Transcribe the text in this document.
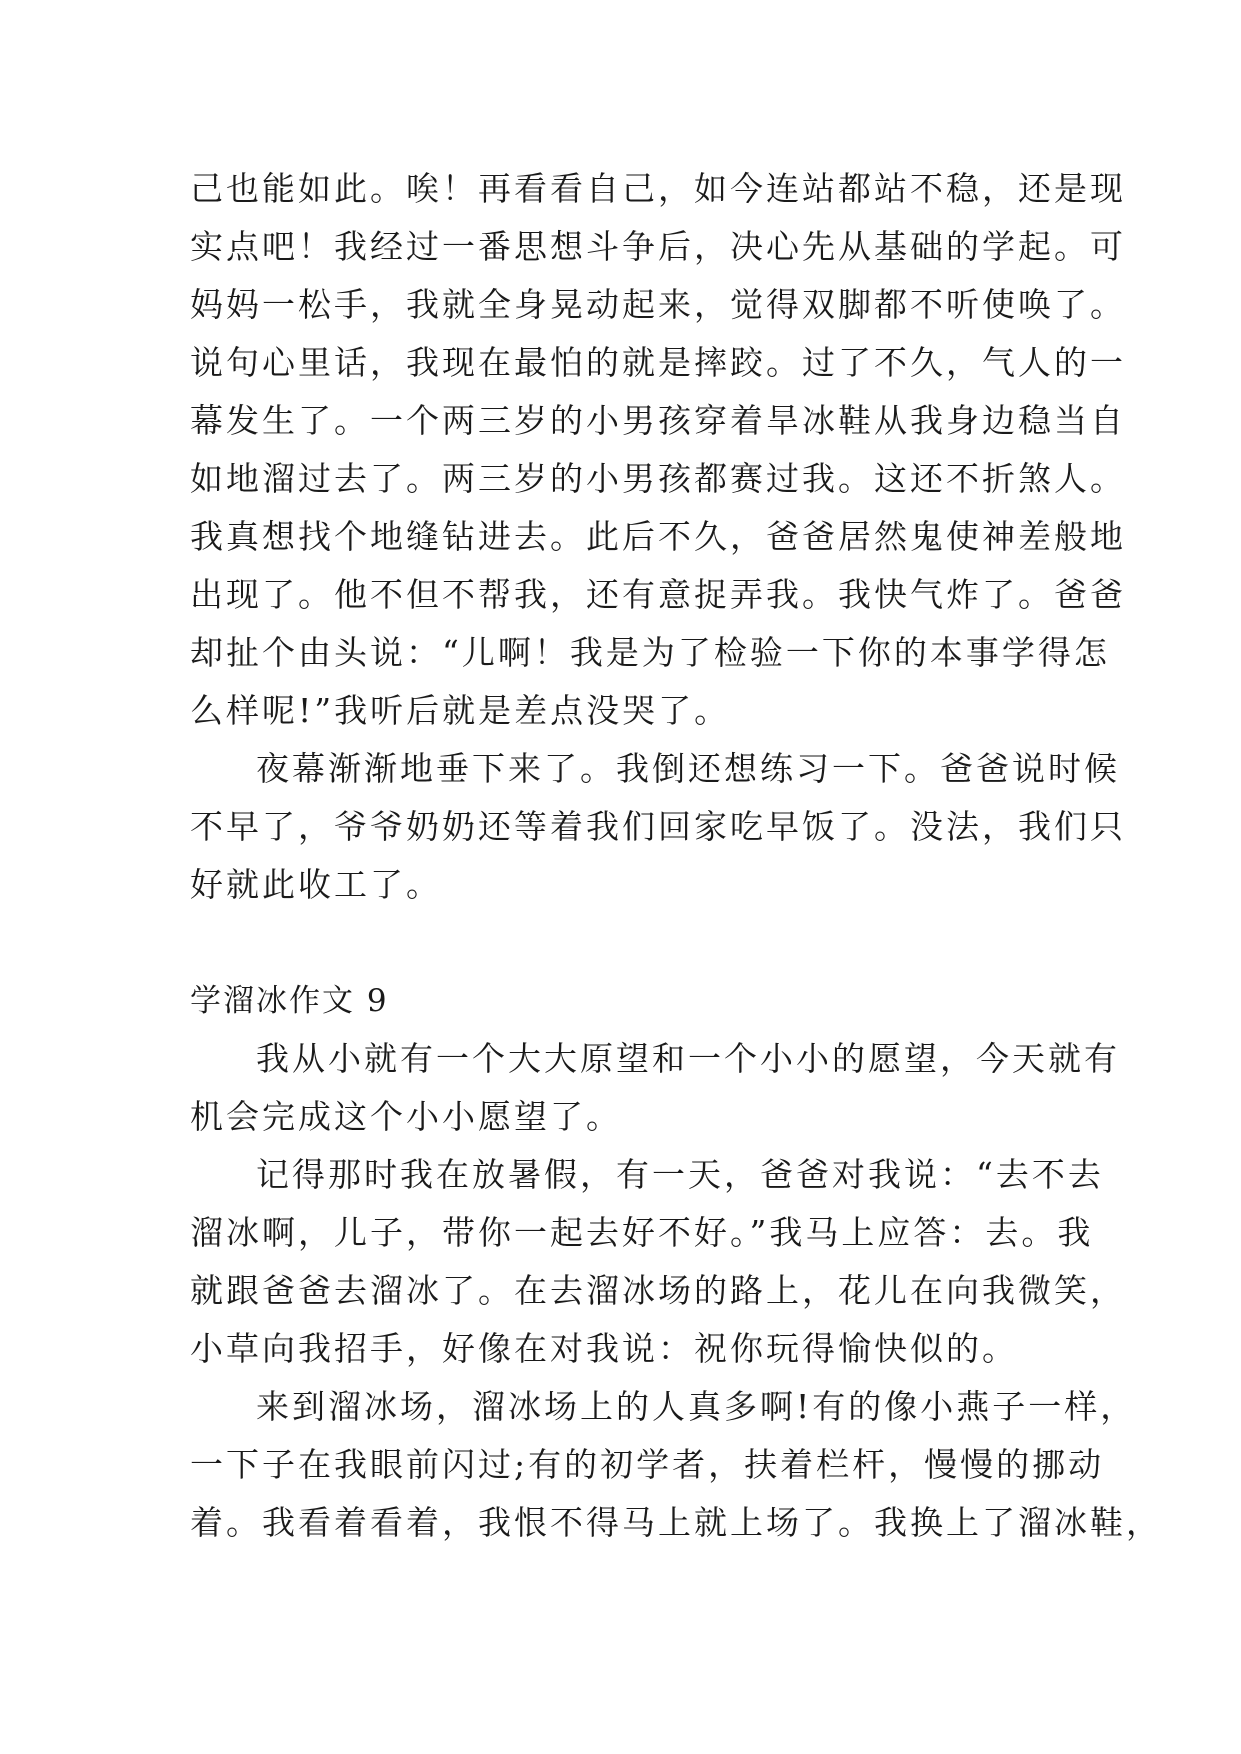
己也能如此。唉！再看看自己，如今连站都站不稳，还是现
实点吧！我经过一番思想斗争后，决心先从基础的学起。可
妈妈一松手，我就全身晃动起来，觉得双脚都不听使唤了。
说句心里话，我现在最怕的就是摔跤。过了不久，气人的一
幕发生了。一个两三岁的小男孩穿着旱冰鞋从我身边稳当自
如地溜过去了。两三岁的小男孩都赛过我。这还不折煞人。
我真想找个地缝钻进去。此后不久，爸爸居然鬼使神差般地
出现了。他不但不帮我，还有意捉弄我。我快气炸了。爸爸
却扯个由头说：“儿啊！我是为了检验一下你的本事学得怎
么样呢!”我听后就是差点没哭了。
夜幕渐渐地垂下来了。我倒还想练习一下。爸爸说时候
不早了，爷爷奶奶还等着我们回家吃早饭了。没法，我们只
好就此收工了。
学溜冰作文 9
我从小就有一个大大原望和一个小小的愿望，今天就有
机会完成这个小小愿望了。
记得那时我在放暑假，有一天，爸爸对我说：“去不去
溜冰啊，儿子，带你一起去好不好。”我马上应答：去。我
就跟爸爸去溜冰了。在去溜冰场的路上，花儿在向我微笑，
小草向我招手，好像在对我说：祝你玩得愉快似的。
来到溜冰场，溜冰场上的人真多啊!有的像小燕子一样，
一下子在我眼前闪过;有的初学者，扶着栏杆，慢慢的挪动
着。我看着看着，我恨不得马上就上场了。我换上了溜冰鞋，
